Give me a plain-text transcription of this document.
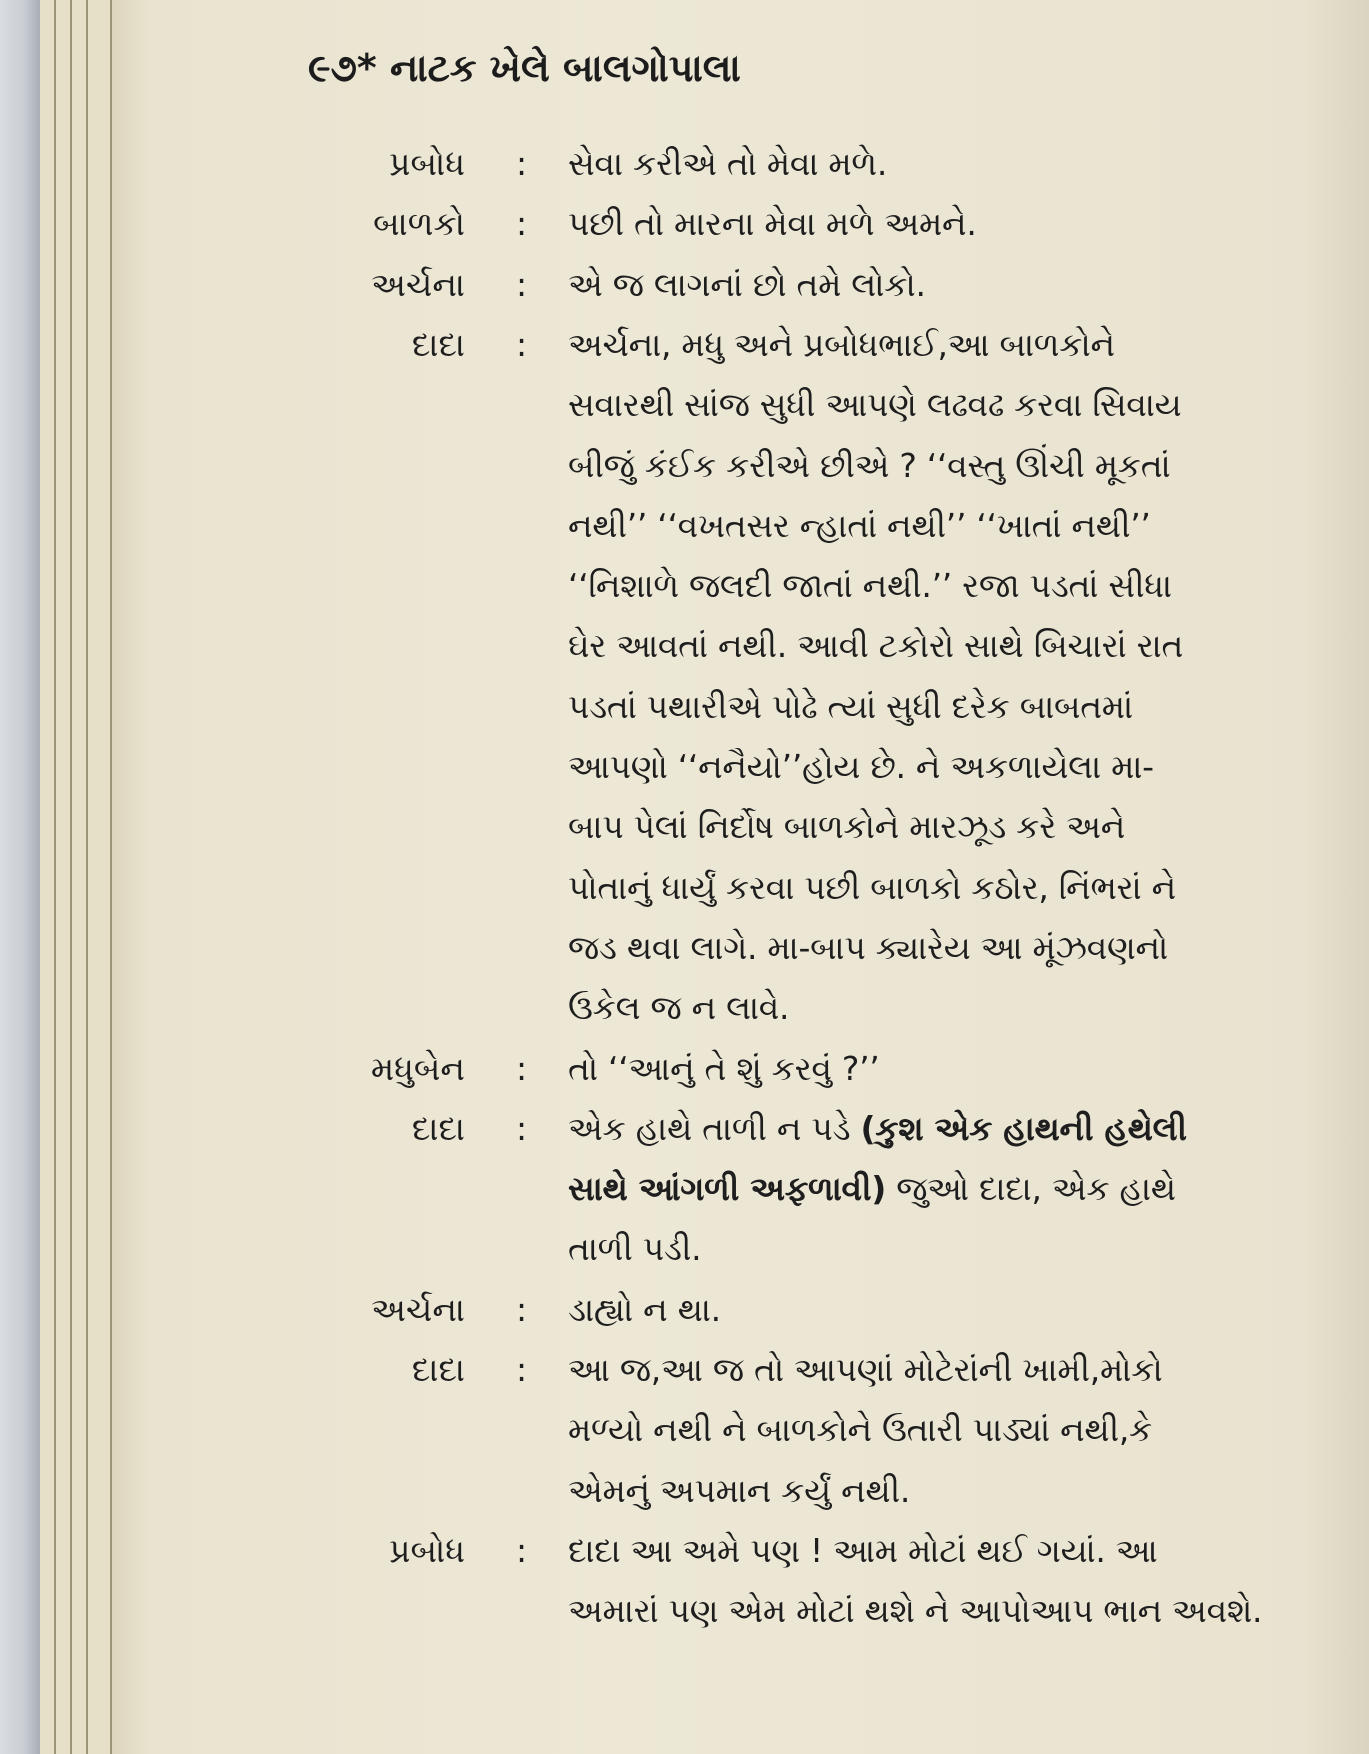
૯૭* નાટક ખેલે બાલગોપાલા
પ્રબોધ : સેવા કરીએ તો મેવા મળે.
બાળકો : પછી તો મારના મેવા મળે અમને.
અર્ચના : એ જ લાગનાં છો તમે લોકો.
દાદા : અર્ચના, મધુ અને પ્રબોધભાઈ,આ બાળકોને
સવારથી સાંજ સુધી આપણે લઢવઢ કરવા સિવાય
બીજું કંઈક કરીએ છીએ ? ‘‘વસ્તુ ઊંચી મૂકતાં
નથી’’ ‘‘વખતસર ન્હાતાં નથી’’ ‘‘ખાતાં નથી’’
‘‘નિશાળે જલદી જાતાં નથી.’’ રજા પડતાં સીધા
ઘેર આવતાં નથી. આવી ટકોરો સાથે બિચારાં રાત
પડતાં પથારીએ પોઢે ત્યાં સુધી દરેક બાબતમાં
આપણો ‘‘નનૈયો’’હોય છે. ને અકળાયેલા મા-
બાપ પેલાં નિર્દોષ બાળકોને મારઝૂડ કરે અને
પોતાનું ધાર્યું કરવા પછી બાળકો કઠોર, નિંભરાં ને
જડ થવા લાગે. મા-બાપ ક્યારેય આ મૂંઝવણનો
ઉકેલ જ ન લાવે.
મધુબેન : તો ‘‘આનું તે શું કરવું ?’’
દાદા : એક હાથે તાળી ન પડે (કુશ એક હાથની હથેલી
સાથે આંગળી અફળાવી) જુઓ દાદા, એક હાથે
તાળી પડી.
અર્ચના : ડાહ્યો ન થા.
દાદા : આ જ,આ જ તો આપણાં મોટેરાંની ખામી,મોકો
મળ્યો નથી ને બાળકોને ઉતારી પાડ્યાં નથી,કે
એમનું અપમાન કર્યું નથી.
પ્રબોધ : દાદા આ અમે પણ ! આમ મોટાં થઈ ગયાં. આ
અમારાં પણ એમ મોટાં થશે ને આપોઆપ ભાન અવશે.
